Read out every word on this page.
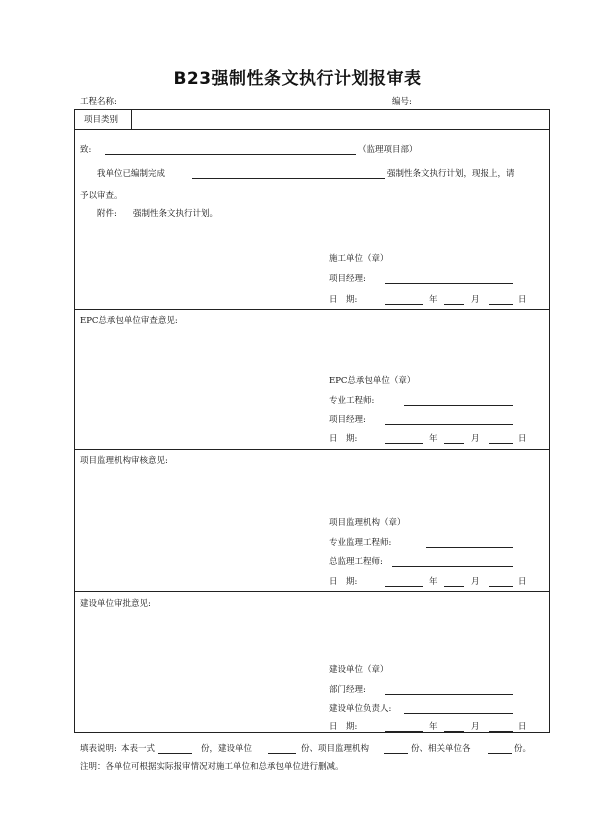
B23强制性条文执行计划报审表
工程名称:	编号:
项目类别
致:	（监理项目部）
我单位已编制完成	强制性条文执行计划，现报上，请
予以审查。
附件: 强制性条文执行计划。
施工单位（章）
项目经理:
日　期:	年	月	日
EPC总承包单位审查意见:
EPC总承包单位（章）
专业工程师:
项目经理:
日　期:	年	月	日
项目监理机构审核意见:
项目监理机构（章）
专业监理工程师:
总监理工程师:
日　期:	年	月	日
建设单位审批意见:
建设单位（章）
部门经理:
建设单位负责人:
日　期:	年	月	日
填表说明: 本表一式	份，建设单位	份、项目监理机构	份、相关单位各	份。
注明：各单位可根据实际报审情况对施工单位和总承包单位进行删减。
